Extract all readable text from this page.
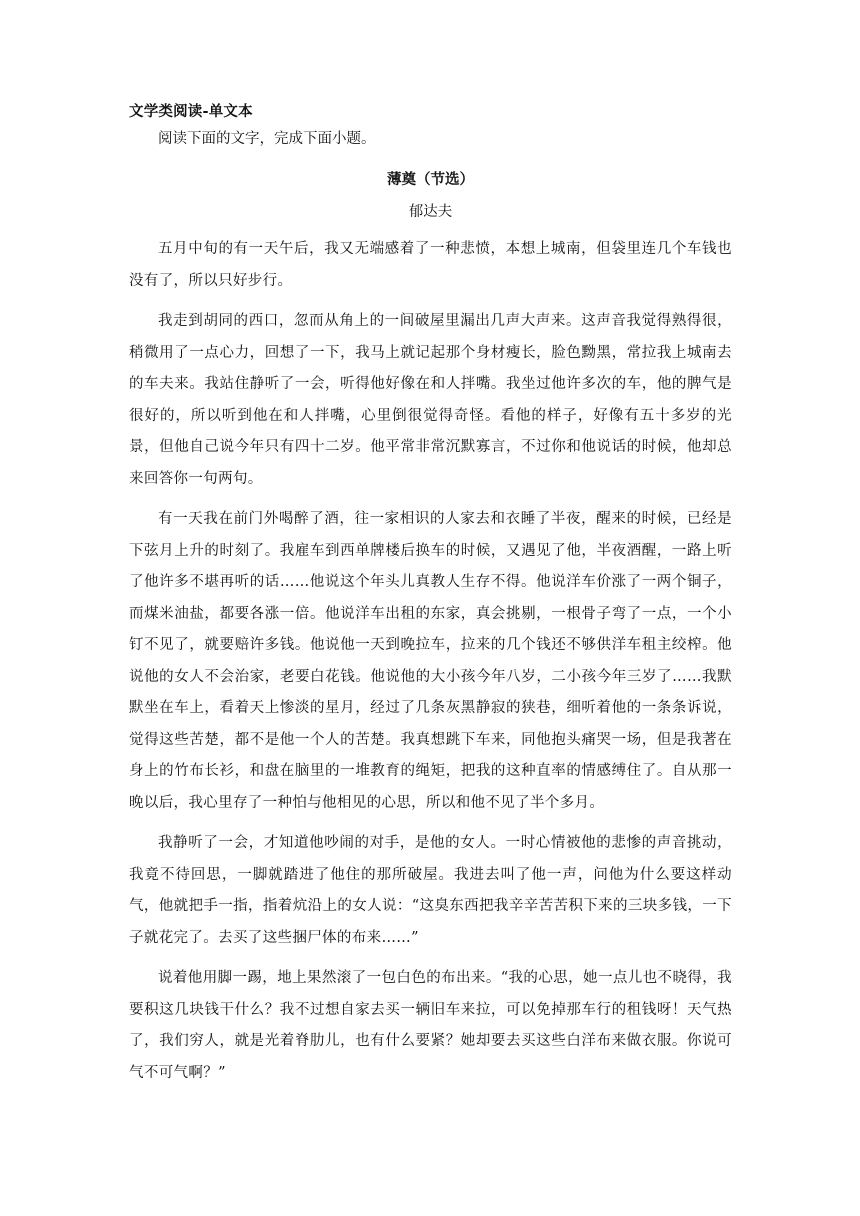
文学类阅读-单文本
阅读下面的文字，完成下面小题。
薄奠（节选）
郁达夫

五月中旬的有一天午后，我又无端感着了一种悲愤，本想上城南，但袋里连几个车钱也没有了，所以只好步行。

我走到胡同的西口，忽而从角上的一间破屋里漏出几声大声来。这声音我觉得熟得很，稍微用了一点心力，回想了一下，我马上就记起那个身材瘦长，脸色黝黑，常拉我上城南去的车夫来。我站住静听了一会，听得他好像在和人拌嘴。我坐过他许多次的车，他的脾气是很好的，所以听到他在和人拌嘴，心里倒很觉得奇怪。看他的样子，好像有五十多岁的光景，但他自己说今年只有四十二岁。他平常非常沉默寡言，不过你和他说话的时候，他却总来回答你一句两句。

有一天我在前门外喝醉了酒，往一家相识的人家去和衣睡了半夜，醒来的时候，已经是下弦月上升的时刻了。我雇车到西单牌楼后换车的时候，又遇见了他，半夜酒醒，一路上听了他许多不堪再听的话……他说这个年头儿真教人生存不得。他说洋车价涨了一两个铜子，而煤米油盐，都要各涨一倍。他说洋车出租的东家，真会挑剔，一根骨子弯了一点，一个小钉不见了，就要赔许多钱。他说他一天到晚拉车，拉来的几个钱还不够供洋车租主绞榨。他说他的女人不会治家，老要白花钱。他说他的大小孩今年八岁，二小孩今年三岁了……我默默坐在车上，看着天上惨淡的星月，经过了几条灰黑静寂的狭巷，细听着他的一条条诉说，觉得这些苦楚，都不是他一个人的苦楚。我真想跳下车来，同他抱头痛哭一场，但是我著在身上的竹布长衫，和盘在脑里的一堆教育的绳矩，把我的这种直率的情感缚住了。自从那一晚以后，我心里存了一种怕与他相见的心思，所以和他不见了半个多月。

我静听了一会，才知道他吵闹的对手，是他的女人。一时心情被他的悲惨的声音挑动，我竟不待回思，一脚就踏进了他住的那所破屋。我进去叫了他一声，问他为什么要这样动气，他就把手一指，指着炕沿上的女人说：“这臭东西把我辛辛苦苦积下来的三块多钱，一下子就花完了。去买了这些捆尸体的布来……”

说着他用脚一踢，地上果然滚了一包白色的布出来。“我的心思，她一点儿也不晓得，我要积这几块钱干什么？我不过想自家去买一辆旧车来拉，可以免掉那车行的租钱呀！天气热了，我们穷人，就是光着脊肋儿，也有什么要紧？她却要去买这些白洋布来做衣服。你说可气不可气啊？”
